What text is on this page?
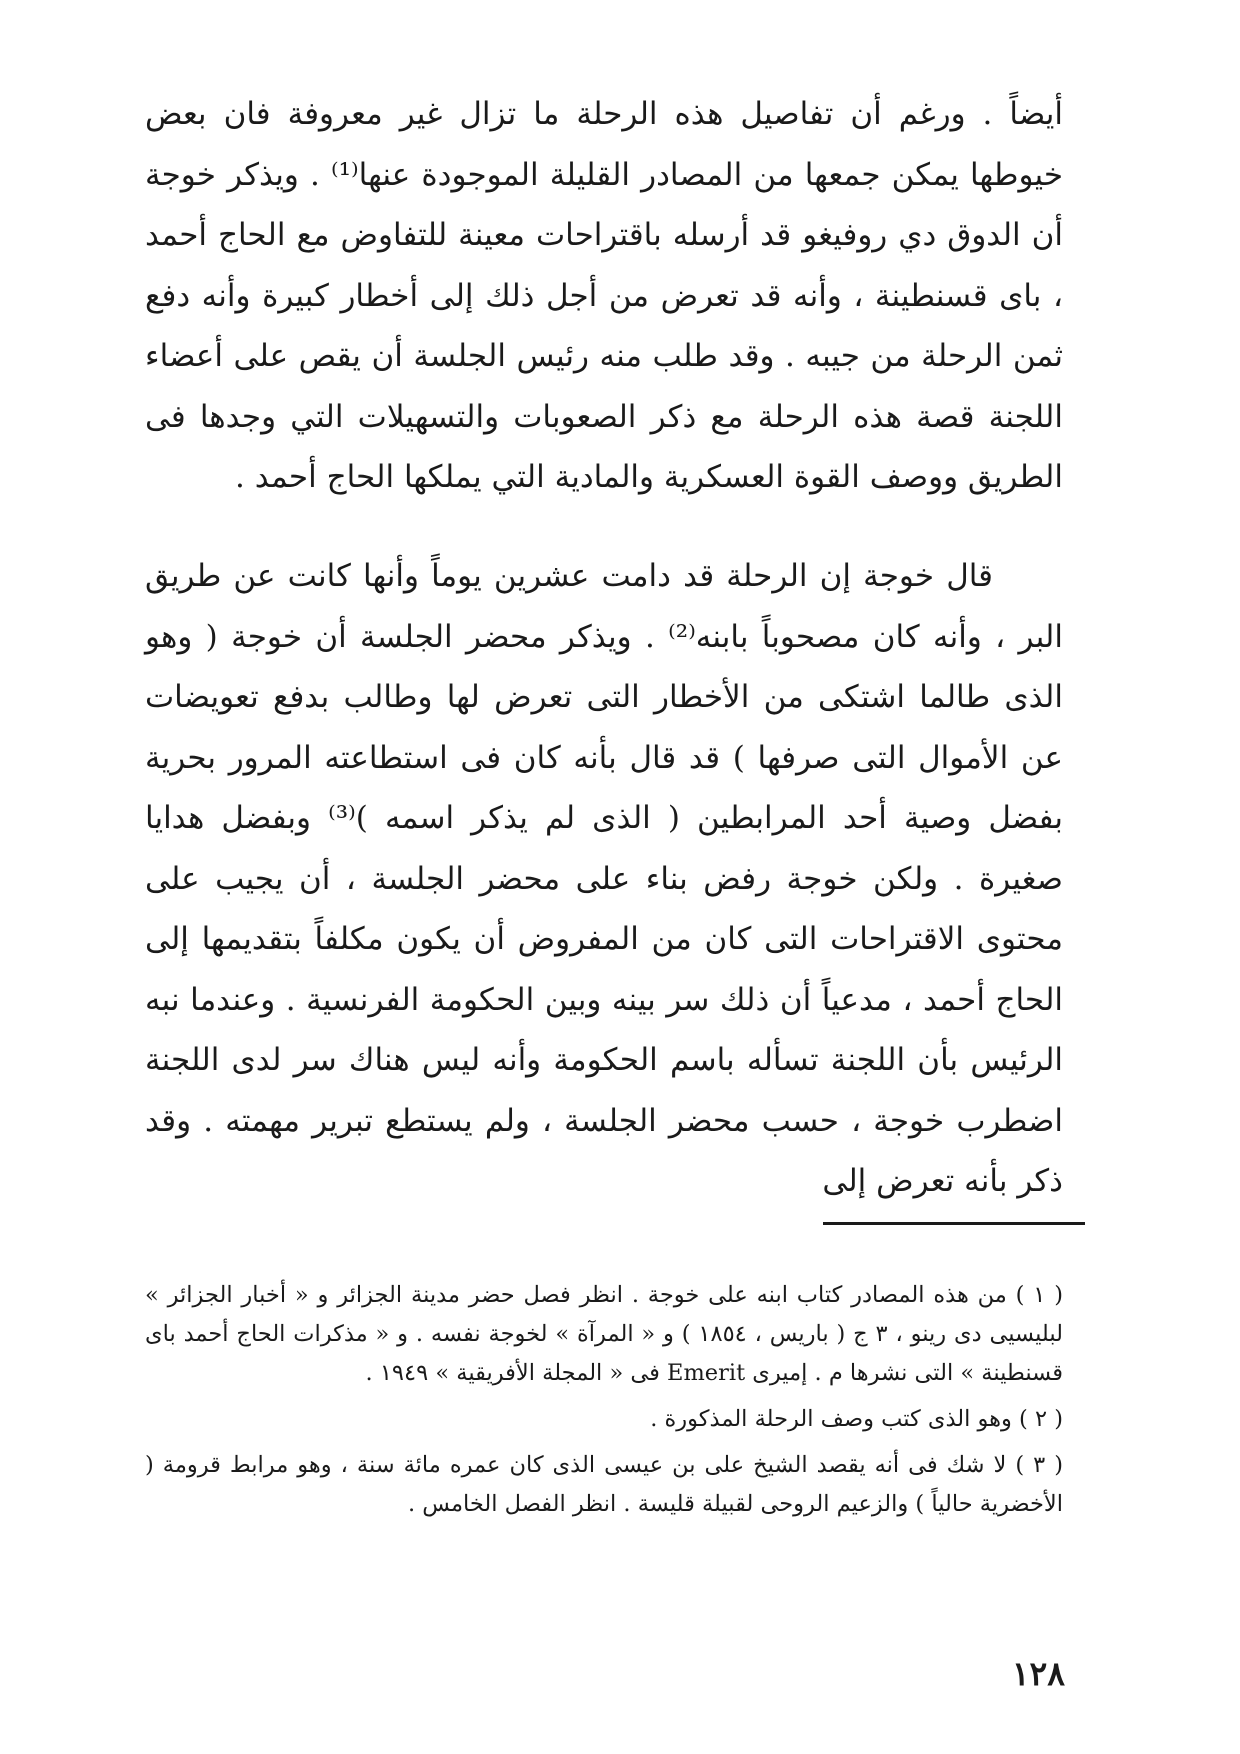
أيضاً . ورغم أن تفاصيل هذه الرحلة ما تزال غير معروفة فان بعض خيوطها يمكن جمعها من المصادر القليلة الموجودة عنها⁽¹⁾ . ويذكر خوجة أن الدوق دي روفيغو قد أرسله باقتراحات معينة للتفاوض مع الحاج أحمد ، باى قسنطينة ، وأنه قد تعرض من أجل ذلك إلى أخطار كبيرة وأنه دفع ثمن الرحلة من جيبه . وقد طلب منه رئيس الجلسة أن يقص على أعضاء اللجنة قصة هذه الرحلة مع ذكر الصعوبات والتسهيلات التي وجدها فى الطريق ووصف القوة العسكرية والمادية التي يملكها الحاج أحمد .

قال خوجة إن الرحلة قد دامت عشرين يوماً وأنها كانت عن طريق البر ، وأنه كان مصحوباً بابنه⁽²⁾ . ويذكر محضر الجلسة أن خوجة ( وهو الذى طالما اشتكى من الأخطار التى تعرض لها وطالب بدفع تعويضات عن الأموال التى صرفها ) قد قال بأنه كان فى استطاعته المرور بحرية بفضل وصية أحد المرابطين ( الذى لم يذكر اسمه )⁽³⁾ وبفضل هدايا صغيرة . ولكن خوجة رفض بناء على محضر الجلسة ، أن يجيب على محتوى الاقتراحات التى كان من المفروض أن يكون مكلفاً بتقديمها إلى الحاج أحمد ، مدعياً أن ذلك سر بينه وبين الحكومة الفرنسية . وعندما نبه الرئيس بأن اللجنة تسأله باسم الحكومة وأنه ليس هناك سر لدى اللجنة اضطرب خوجة ، حسب محضر الجلسة ، ولم يستطع تبرير مهمته . وقد ذكر بأنه تعرض إلى

( ١ ) من هذه المصادر كتاب ابنه على خوجة . انظر فصل حضر مدينة الجزائر و « أخبار الجزائر » لبليسيى دى رينو ، ٣ ج ( باريس ، ١٨٥٤ ) و « المرآة » لخوجة نفسه . و « مذكرات الحاج أحمد باى قسنطينة » التى نشرها م . إميرى Emerit فى « المجلة الأفريقية » ١٩٤٩ .

( ٢ ) وهو الذى كتب وصف الرحلة المذكورة .

( ٣ ) لا شك فى أنه يقصد الشيخ على بن عيسى الذى كان عمره مائة سنة ، وهو مرابط قرومة ( الأخضرية حالياً ) والزعيم الروحى لقبيلة قليسة . انظر الفصل الخامس .

١٢٨
